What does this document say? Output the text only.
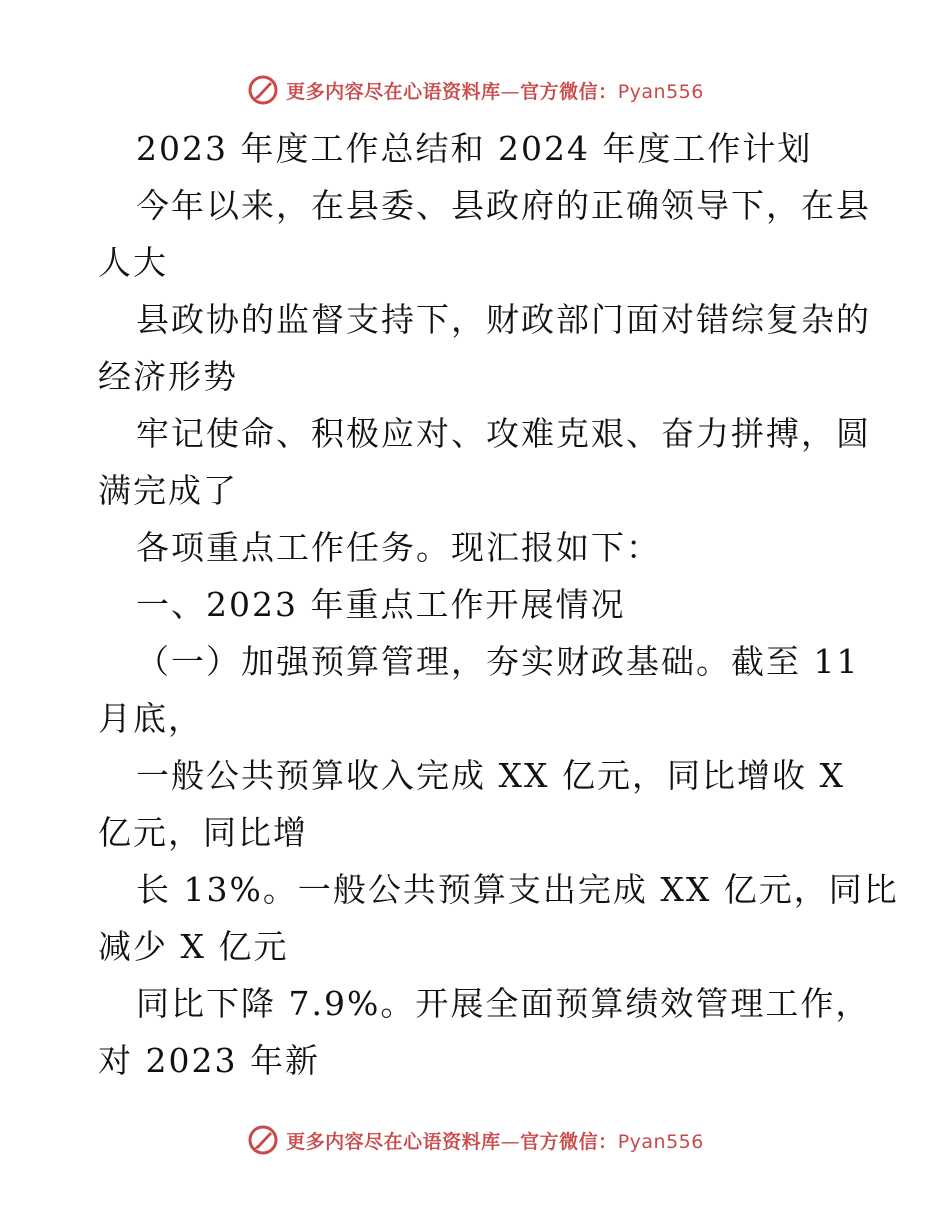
更多内容尽在心语资料库—官方微信：Pyan556
2023 年度工作总结和 2024 年度工作计划
今年以来，在县委、县政府的正确领导下，在县
人大
县政协的监督支持下，财政部门面对错综复杂的
经济形势
牢记使命、积极应对、攻难克艰、奋力拼搏，圆
满完成了
各项重点工作任务。现汇报如下：
一、2023 年重点工作开展情况
（一）加强预算管理，夯实财政基础。截至 11
月底，
一般公共预算收入完成 XX 亿元，同比增收 X
亿元，同比增
长 13%。一般公共预算支出完成 XX 亿元，同比
减少 X 亿元
同比下降 7.9%。开展全面预算绩效管理工作，
对 2023 年新
更多内容尽在心语资料库—官方微信：Pyan556
